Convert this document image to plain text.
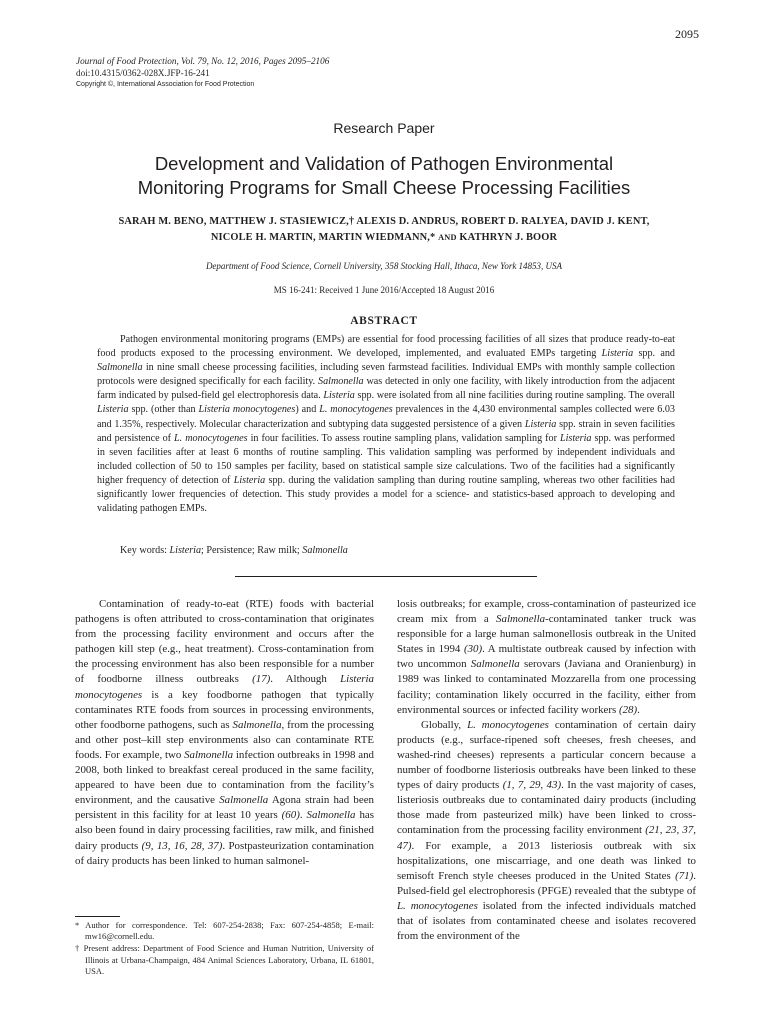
2095
Journal of Food Protection, Vol. 79, No. 12, 2016, Pages 2095–2106
doi:10.4315/0362-028X.JFP-16-241
Copyright ©, International Association for Food Protection
Research Paper
Development and Validation of Pathogen Environmental
Monitoring Programs for Small Cheese Processing Facilities
SARAH M. BENO, MATTHEW J. STASIEWICZ,† ALEXIS D. ANDRUS, ROBERT D. RALYEA, DAVID J. KENT,
NICOLE H. MARTIN, MARTIN WIEDMANN,* AND KATHRYN J. BOOR
Department of Food Science, Cornell University, 358 Stocking Hall, Ithaca, New York 14853, USA
MS 16-241: Received 1 June 2016/Accepted 18 August 2016
ABSTRACT
Pathogen environmental monitoring programs (EMPs) are essential for food processing facilities of all sizes that produce ready-to-eat food products exposed to the processing environment. We developed, implemented, and evaluated EMPs targeting Listeria spp. and Salmonella in nine small cheese processing facilities, including seven farmstead facilities. Individual EMPs with monthly sample collection protocols were designed specifically for each facility. Salmonella was detected in only one facility, with likely introduction from the adjacent farm indicated by pulsed-field gel electrophoresis data. Listeria spp. were isolated from all nine facilities during routine sampling. The overall Listeria spp. (other than Listeria monocytogenes) and L. monocytogenes prevalences in the 4,430 environmental samples collected were 6.03 and 1.35%, respectively. Molecular characterization and subtyping data suggested persistence of a given Listeria spp. strain in seven facilities and persistence of L. monocytogenes in four facilities. To assess routine sampling plans, validation sampling for Listeria spp. was performed in seven facilities after at least 6 months of routine sampling. This validation sampling was performed by independent individuals and included collection of 50 to 150 samples per facility, based on statistical sample size calculations. Two of the facilities had a significantly higher frequency of detection of Listeria spp. during the validation sampling than during routine sampling, whereas two other facilities had significantly lower frequencies of detection. This study provides a model for a science- and statistics-based approach to developing and validating pathogen EMPs.
Key words: Listeria; Persistence; Raw milk; Salmonella

Contamination of ready-to-eat (RTE) foods with bacterial pathogens is often attributed to cross-contamination that originates from the processing facility environment and occurs after the pathogen kill step (e.g., heat treatment). Cross-contamination from the processing environment has also been responsible for a number of foodborne illness outbreaks (17). Although Listeria monocytogenes is a key foodborne pathogen that typically contaminates RTE foods from sources in processing environments, other foodborne pathogens, such as Salmonella, from the processing and other post–kill step environments also can contaminate RTE foods. For example, two Salmonella infection outbreaks in 1998 and 2008, both linked to breakfast cereal produced in the same facility, appeared to have been due to contamination from the facility’s environment, and the causative Salmonella Agona strain had been persistent in this facility for at least 10 years (60). Salmonella has also been found in dairy processing facilities, raw milk, and finished dairy products (9, 13, 16, 28, 37). Postpasteurization contamination of dairy products has been linked to human salmonel-

* Author for correspondence. Tel: 607-254-2838; Fax: 607-254-4858; E-mail: mw16@cornell.edu.
† Present address: Department of Food Science and Human Nutrition, University of Illinois at Urbana-Champaign, 484 Animal Sciences Laboratory, Urbana, IL 61801, USA.

losis outbreaks; for example, cross-contamination of pasteurized ice cream mix from a Salmonella-contaminated tanker truck was responsible for a large human salmonellosis outbreak in the United States in 1994 (30). A multistate outbreak caused by infection with two uncommon Salmonella serovars (Javiana and Oranienburg) in 1989 was linked to contaminated Mozzarella from one processing facility; contamination likely occurred in the facility, either from environmental sources or infected facility workers (28).

Globally, L. monocytogenes contamination of certain dairy products (e.g., surface-ripened soft cheeses, fresh cheeses, and washed-rind cheeses) represents a particular concern because a number of foodborne listeriosis outbreaks have been linked to these types of dairy products (1, 7, 29, 43). In the vast majority of cases, listeriosis outbreaks due to contaminated dairy products (including those made from pasteurized milk) have been linked to cross-contamination from the processing facility environment (21, 23, 37, 47). For example, a 2013 listeriosis outbreak with six hospitalizations, one miscarriage, and one death was linked to semisoft French style cheeses produced in the United States (71). Pulsed-field gel electrophoresis (PFGE) revealed that the subtype of L. monocytogenes isolated from the infected individuals matched that of isolates from contaminated cheese and isolates recovered from the environment of the
